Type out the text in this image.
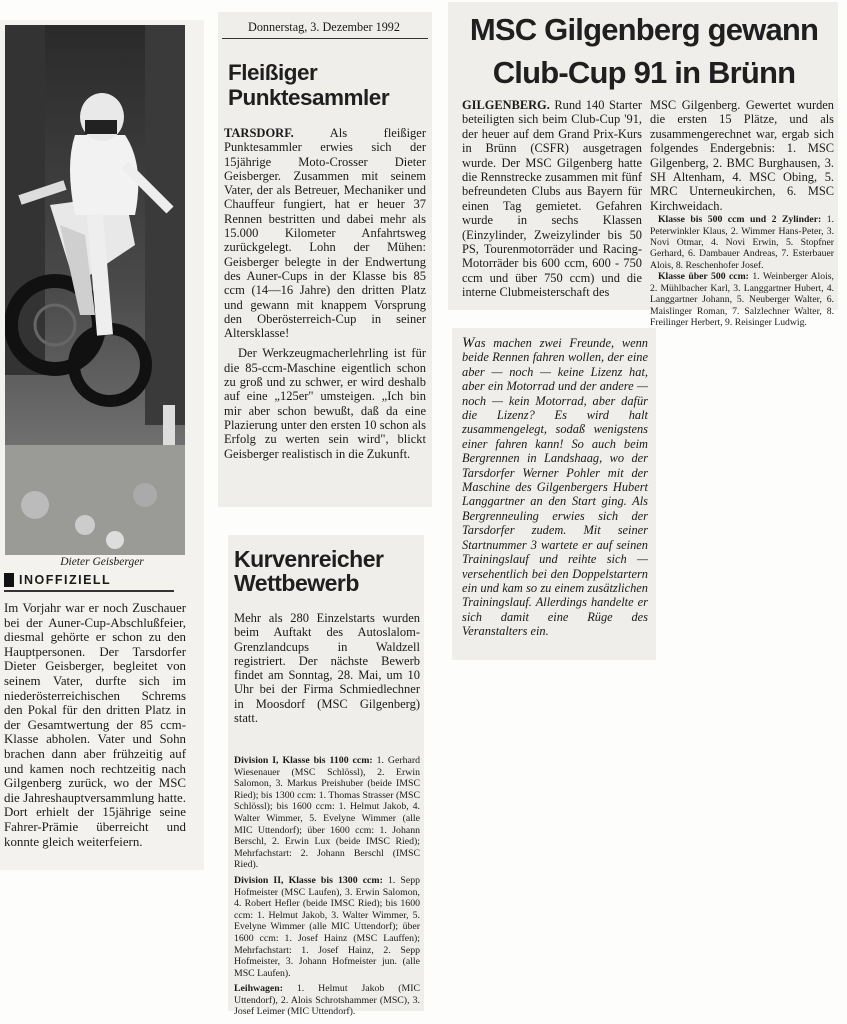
Dieter Geisberger
INOFFIZIELL
Im Vorjahr war er noch Zuschauer bei der Auner-Cup-Abschlußfeier, diesmal gehörte er schon zu den Hauptpersonen. Der Tarsdorfer Dieter Geisberger, begleitet von seinem Vater, durfte sich im niederösterreichischen Schrems den Pokal für den dritten Platz in der Gesamtwertung der 85 ccm-Klasse abholen. Vater und Sohn brachen dann aber frühzeitig auf und kamen noch rechtzeitig nach Gilgenberg zurück, wo der MSC die Jahreshauptversammlung hatte. Dort erhielt der 15jährige seine Fahrer-Prämie überreicht und konnte gleich weiterfeiern.
Donnerstag, 3. Dezember 1992
Fleißiger Punktesammler

TARSDORF. Als fleißiger Punktesammler erwies sich der 15jährige Moto-Crosser Dieter Geisberger. Zusammen mit seinem Vater, der als Betreuer, Mechaniker und Chauffeur fungiert, hat er heuer 37 Rennen bestritten und dabei mehr als 15.000 Kilometer Anfahrtsweg zurückgelegt. Lohn der Mühen: Geisberger belegte in der Endwertung des Auner-Cups in der Klasse bis 85 ccm (14—16 Jahre) den dritten Platz und gewann mit knappem Vorsprung den Oberösterreich-Cup in seiner Altersklasse!

Der Werkzeugmacherlehrling ist für die 85-ccm-Maschine eigentlich schon zu groß und zu schwer, er wird deshalb auf eine „125er" umsteigen. „Ich bin mir aber schon bewußt, daß da eine Plazierung unter den ersten 10 schon als Erfolg zu werten sein wird", blickt Geisberger realistisch in die Zukunft.

Kurvenreicher Wettbewerb
Mehr als 280 Einzelstarts wurden beim Auftakt des Autoslalom-Grenzlandcups in Waldzell registriert. Der nächste Bewerb findet am Sonntag, 28. Mai, um 10 Uhr bei der Firma Schmiedlechner in Moosdorf (MSC Gilgenberg) statt.

Division I, Klasse bis 1100 ccm: 1. Gerhard Wiesenauer (MSC Schlössl), 2. Erwin Salomon, 3. Markus Preishuber (beide IMSC Ried); bis 1300 ccm: 1. Thomas Strasser (MSC Schlössl); bis 1600 ccm: 1. Helmut Jakob, 4. Walter Wimmer, 5. Evelyne Wimmer (alle MIC Uttendorf); über 1600 ccm: 1. Johann Berschl, 2. Erwin Lux (beide IMSC Ried); Mehrfachstart: 2. Johann Berschl (IMSC Ried).

Division II, Klasse bis 1300 ccm: 1. Sepp Hofmeister (MSC Laufen), 3. Erwin Salomon, 4. Robert Hefler (beide IMSC Ried); bis 1600 ccm: 1. Helmut Jakob, 3. Walter Wimmer, 5. Evelyne Wimmer (alle MIC Uttendorf); über 1600 ccm: 1. Josef Hainz (MSC Lauffen); Mehrfachstart: 1. Josef Hainz, 2. Sepp Hofmeister, 3. Johann Hofmeister jun. (alle MSC Laufen).

Leihwagen: 1. Helmut Jakob (MIC Uttendorf), 2. Alois Schrotshammer (MSC), 3. Josef Leimer (MIC Uttendorf).

MSC Gilgenberg gewann Club-Cup 91 in Brünn

GILGENBERG. Rund 140 Starter beteiligten sich beim Club-Cup '91, der heuer auf dem Grand Prix-Kurs in Brünn (CSFR) ausgetragen wurde. Der MSC Gilgenberg hatte die Rennstrecke zusammen mit fünf befreundeten Clubs aus Bayern für einen Tag gemietet. Gefahren wurde in sechs Klassen (Einzylinder, Zweizylinder bis 50 PS, Tourenmotorräder und Racing-Motorräder bis 600 ccm, 600 - 750 ccm und über 750 ccm) und die interne Clubmeisterschaft des

MSC Gilgenberg. Gewertet wurden die ersten 15 Plätze, und als zusammengerechnet war, ergab sich folgendes Endergebnis: 1. MSC Gilgenberg, 2. BMC Burghausen, 3. SH Altenham, 4. MSC Obing, 5. MRC Unterneukirchen, 6. MSC Kirchweidach.

Klasse bis 500 ccm und 2 Zylinder: 1. Peterwinkler Klaus, 2. Wimmer Hans-Peter, 3. Novi Otmar, 4. Novi Erwin, 5. Stopfner Gerhard, 6. Dambauer Andreas, 7. Esterbauer Alois, 8. Reschenhofer Josef.

Klasse über 500 ccm: 1. Weinberger Alois, 2. Mühlbacher Karl, 3. Langgartner Hubert, 4. Langgartner Johann, 5. Neuberger Walter, 6. Maislinger Roman, 7. Salzlechner Walter, 8. Freilinger Herbert, 9. Reisinger Ludwig.

Was machen zwei Freunde, wenn beide Rennen fahren wollen, der eine aber — noch — keine Lizenz hat, aber ein Motorrad und der andere — noch — kein Motorrad, aber dafür die Lizenz? Es wird halt zusammengelegt, sodaß wenigstens einer fahren kann! So auch beim Bergrennen in Landshaag, wo der Tarsdorfer Werner Pohler mit der Maschine des Gilgenbergers Hubert Langgartner an den Start ging. Als Bergrenneuling erwies sich der Tarsdorfer zudem. Mit seiner Startnummer 3 wartete er auf seinen Trainingslauf und reihte sich — versehentlich bei den Doppelstartern ein und kam so zu einem zusätzlichen Trainingslauf. Allerdings handelte er sich damit eine Rüge des Veranstalters ein.
